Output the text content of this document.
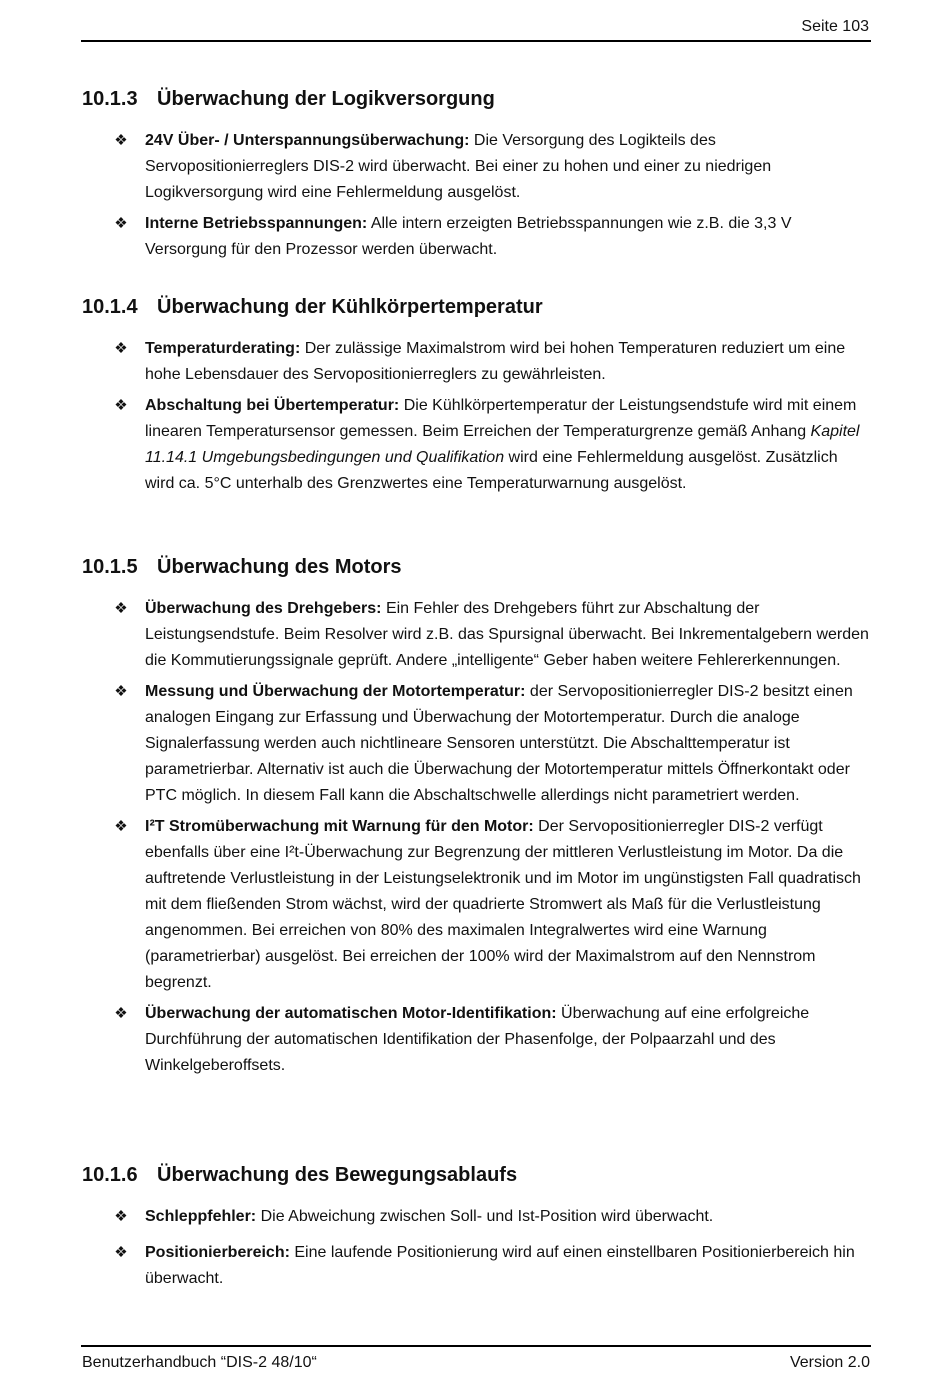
Seite 103
10.1.3 Überwachung der Logikversorgung
❖ 24V Über- / Unterspannungsüberwachung: Die Versorgung des Logikteils des Servopositionierreglers DIS-2 wird überwacht. Bei einer zu hohen und einer zu niedrigen Logikversorgung wird eine Fehlermeldung ausgelöst.
❖ Interne Betriebsspannungen: Alle intern erzeigten Betriebsspannungen wie z.B. die 3,3 V Versorgung für den Prozessor werden überwacht.
10.1.4 Überwachung der Kühlkörpertemperatur
❖ Temperaturderating: Der zulässige Maximalstrom wird bei hohen Temperaturen reduziert um eine hohe Lebensdauer des Servopositionierreglers zu gewährleisten.
❖ Abschaltung bei Übertemperatur: Die Kühlkörpertemperatur der Leistungsendstufe wird mit einem linearen Temperatursensor gemessen. Beim Erreichen der Temperaturgrenze gemäß Anhang Kapitel 11.14.1 Umgebungsbedingungen und Qualifikation wird eine Fehlermeldung ausgelöst. Zusätzlich wird ca. 5°C unterhalb des Grenzwertes eine Temperaturwarnung ausgelöst.
10.1.5 Überwachung des Motors
❖ Überwachung des Drehgebers: Ein Fehler des Drehgebers führt zur Abschaltung der Leistungsendstufe. Beim Resolver wird z.B. das Spursignal überwacht. Bei Inkrementalgebern werden die Kommutierungssignale geprüft. Andere „intelligente“ Geber haben weitere Fehlererkennungen.
❖ Messung und Überwachung der Motortemperatur: der Servopositionierregler DIS-2 besitzt einen analogen Eingang zur Erfassung und Überwachung der Motortemperatur. Durch die analoge Signalerfassung werden auch nichtlineare Sensoren unterstützt. Die Abschalttemperatur ist parametrierbar. Alternativ ist auch die Überwachung der Motortemperatur mittels Öffnerkontakt oder PTC möglich. In diesem Fall kann die Abschaltschwelle allerdings nicht parametriert werden.
❖ I²T Stromüberwachung mit Warnung für den Motor: Der Servopositionierregler DIS-2 verfügt ebenfalls über eine I²t-Überwachung zur Begrenzung der mittleren Verlustleistung im Motor. Da die auftretende Verlustleistung in der Leistungselektronik und im Motor im ungünstigsten Fall quadratisch mit dem fließenden Strom wächst, wird der quadrierte Stromwert als Maß für die Verlustleistung angenommen. Bei erreichen von 80% des maximalen Integralwertes wird eine Warnung (parametrierbar) ausgelöst. Bei erreichen der 100% wird der Maximalstrom auf den Nennstrom begrenzt.
❖ Überwachung der automatischen Motor-Identifikation: Überwachung auf eine erfolgreiche Durchführung der automatischen Identifikation der Phasenfolge, der Polpaarzahl und des Winkelgeberoffsets.
10.1.6 Überwachung des Bewegungsablaufs
❖ Schleppfehler: Die Abweichung zwischen Soll- und Ist-Position wird überwacht.
❖ Positionierbereich: Eine laufende Positionierung wird auf einen einstellbaren Positionierbereich hin überwacht.
Benutzerhandbuch “DIS-2 48/10“	Version 2.0
